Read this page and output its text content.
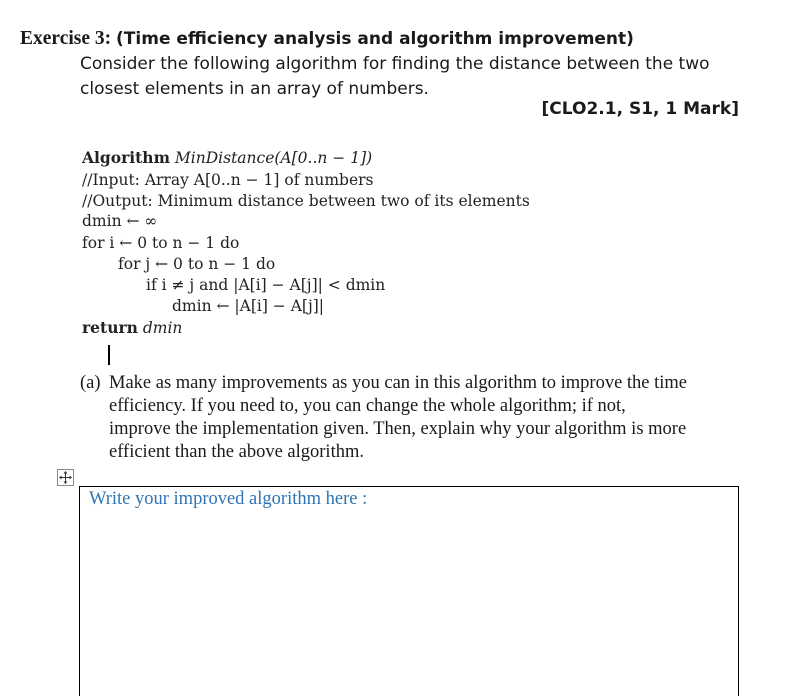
Exercise 3: (Time efficiency analysis and algorithm improvement)
Consider the following algorithm for finding the distance between the two
closest elements in an array of numbers.
[CLO2.1, S1, 1 Mark]
Algorithm MinDistance(A[0..n − 1])
//Input: Array A[0..n − 1] of numbers
//Output: Minimum distance between two of its elements
dmin ← ∞
for i ← 0 to n − 1 do
for j ← 0 to n − 1 do
if i ≠ j and |A[i] − A[j]| < dmin
dmin ← |A[i] − A[j]|
return dmin
(a) Make as many improvements as you can in this algorithm to improve the time
efficiency. If you need to, you can change the whole algorithm; if not,
improve the implementation given. Then, explain why your algorithm is more
efficient than the above algorithm.
Write your improved algorithm here :
